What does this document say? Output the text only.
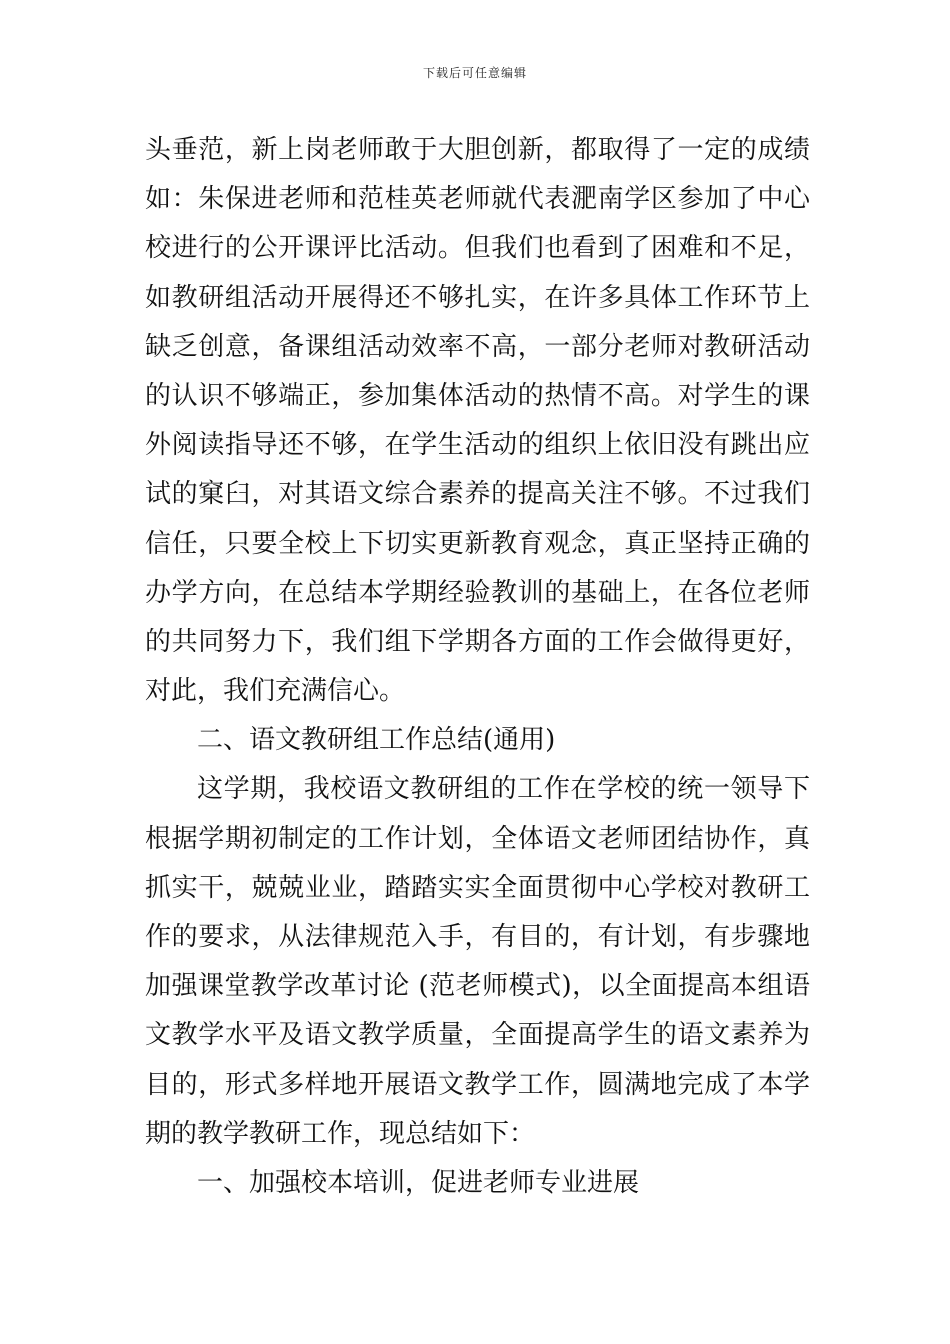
下载后可任意编辑
头垂范，新上岗老师敢于大胆创新，都取得了一定的成绩
如：朱保进老师和范桂英老师就代表淝南学区参加了中心
校进行的公开课评比活动。但我们也看到了困难和不足，
如教研组活动开展得还不够扎实，在许多具体工作环节上
缺乏创意，备课组活动效率不高，一部分老师对教研活动
的认识不够端正，参加集体活动的热情不高。对学生的课
外阅读指导还不够，在学生活动的组织上依旧没有跳出应
试的窠臼，对其语文综合素养的提高关注不够。不过我们
信任，只要全校上下切实更新教育观念，真正坚持正确的
办学方向，在总结本学期经验教训的基础上，在各位老师
的共同努力下，我们组下学期各方面的工作会做得更好，
对此，我们充满信心。
二、语文教研组工作总结(通用)
这学期，我校语文教研组的工作在学校的统一领导下
根据学期初制定的工作计划，全体语文老师团结协作，真
抓实干，兢兢业业，踏踏实实全面贯彻中心学校对教研工
作的要求，从法律规范入手，有目的，有计划，有步骤地
加强课堂教学改革讨论 (范老师模式)，以全面提高本组语
文教学水平及语文教学质量，全面提高学生的语文素养为
目的，形式多样地开展语文教学工作，圆满地完成了本学
期的教学教研工作，现总结如下：
一、加强校本培训，促进老师专业进展
